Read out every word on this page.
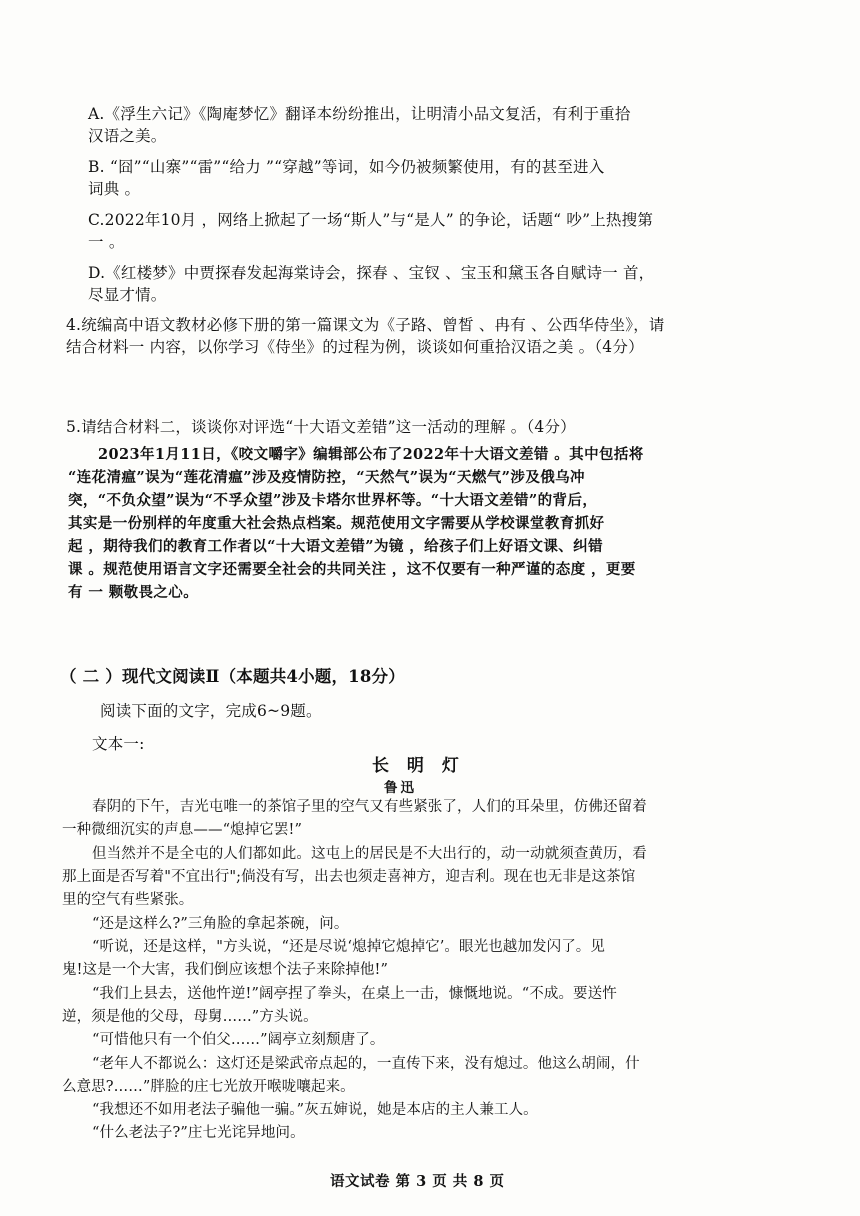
A.《浮生六记》《陶庵梦忆》翻译本纷纷推出，让明清小品文复活，有利于重拾
汉语之美。
B. “囧”“山寨”“雷”“给力 ”“穿越”等词，如今仍被频繁使用，有的甚至进入
词典 。
C.2022年10月 ，网络上掀起了一场“斯人”与“是人” 的争论，话题“ 吵”上热搜第
一 。
D.《红楼梦》中贾探春发起海棠诗会，探春 、宝钗 、宝玉和黛玉各自赋诗一 首，
尽显才情。
4.统编高中语文教材必修下册的第一篇课文为《子路、曾皙 、冉有 、公西华侍坐》，请
结合材料一 内容，以你学习《侍坐》的过程为例，谈谈如何重拾汉语之美 。（4分）
5.请结合材料二，谈谈你对评选“十大语文差错”这一活动的理解 。（4分）
2023年1月11日，《咬文嚼字》编辑部公布了2022年十大语文差错 。其中包括将
“连花清瘟”误为“莲花清瘟”涉及疫情防控，“天然气”误为“天燃气”涉及俄乌冲
突，“不负众望”误为“不孚众望”涉及卡塔尔世界杯等。“十大语文差错”的背后，
其实是一份别样的年度重大社会热点档案。规范使用文字需要从学校课堂教育抓好
起 ，期待我们的教育工作者以“十大语文差错”为镜 ，给孩子们上好语文课、纠错
课 。规范使用语言文字还需要全社会的共同关注 ，这不仅要有一种严谨的态度 ，更要
有 一 颗敬畏之心。
（ 二 ）现代文阅读Ⅱ（本题共4小题，18分）
阅读下面的文字，完成6~9题。
文本一:
长 明 灯
鲁迅
春阴的下午，吉光屯唯一的茶馆子里的空气又有些紧张了，人们的耳朵里，仿佛还留着
一种微细沉实的声息——“熄掉它罢!”
但当然并不是全屯的人们都如此。这屯上的居民是不大出行的，动一动就须查黄历，看
那上面是否写着"不宜出行";倘没有写，出去也须走喜神方，迎吉利。现在也无非是这茶馆
里的空气有些紧张。
“还是这样么?”三角脸的拿起茶碗，问。
“听说，还是这样，"方头说，“还是尽说‘熄掉它熄掉它’。眼光也越加发闪了。见
鬼!这是一个大害，我们倒应该想个法子来除掉他!”
“我们上县去，送他忤逆!”阔亭捏了拳头，在桌上一击，慷慨地说。“不成。要送忤
逆，须是他的父母，母舅……”方头说。
“可惜他只有一个伯父……”阔亭立刻颓唐了。
“老年人不都说么：这灯还是梁武帝点起的，一直传下来，没有熄过。他这么胡闹，什
么意思?……”胖脸的庄七光放开喉咙嚷起来。
“我想还不如用老法子骗他一骗。”灰五婶说，她是本店的主人兼工人。
“什么老法子?”庄七光诧异地问。
语文试卷 第 3 页 共 8 页
